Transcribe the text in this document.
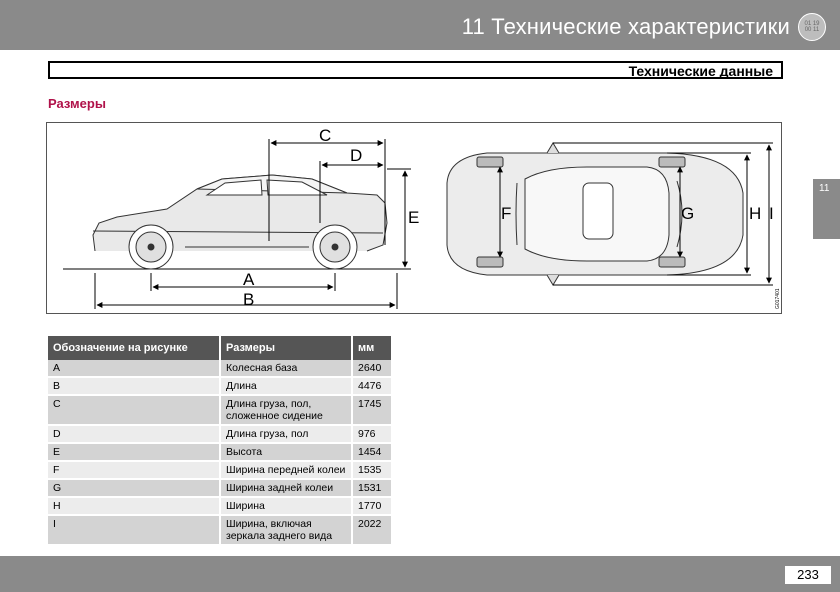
11 Технические характеристики 01 19
00 11
Технические данные
Размеры
11
C
D
E
A
B
F	G	H I
G017401
Обозначение на рисунке	Размеры	мм
A	Колесная база	2640
B	Длина	4476
C	Длина груза, пол, сложенное сидение	1745
D	Длина груза, пол	976
E	Высота	1454
F	Ширина передней колеи	1535
G	Ширина задней колеи	1531
H	Ширина	1770
I	Ширина, включая зеркала заднего вида	2022
233
